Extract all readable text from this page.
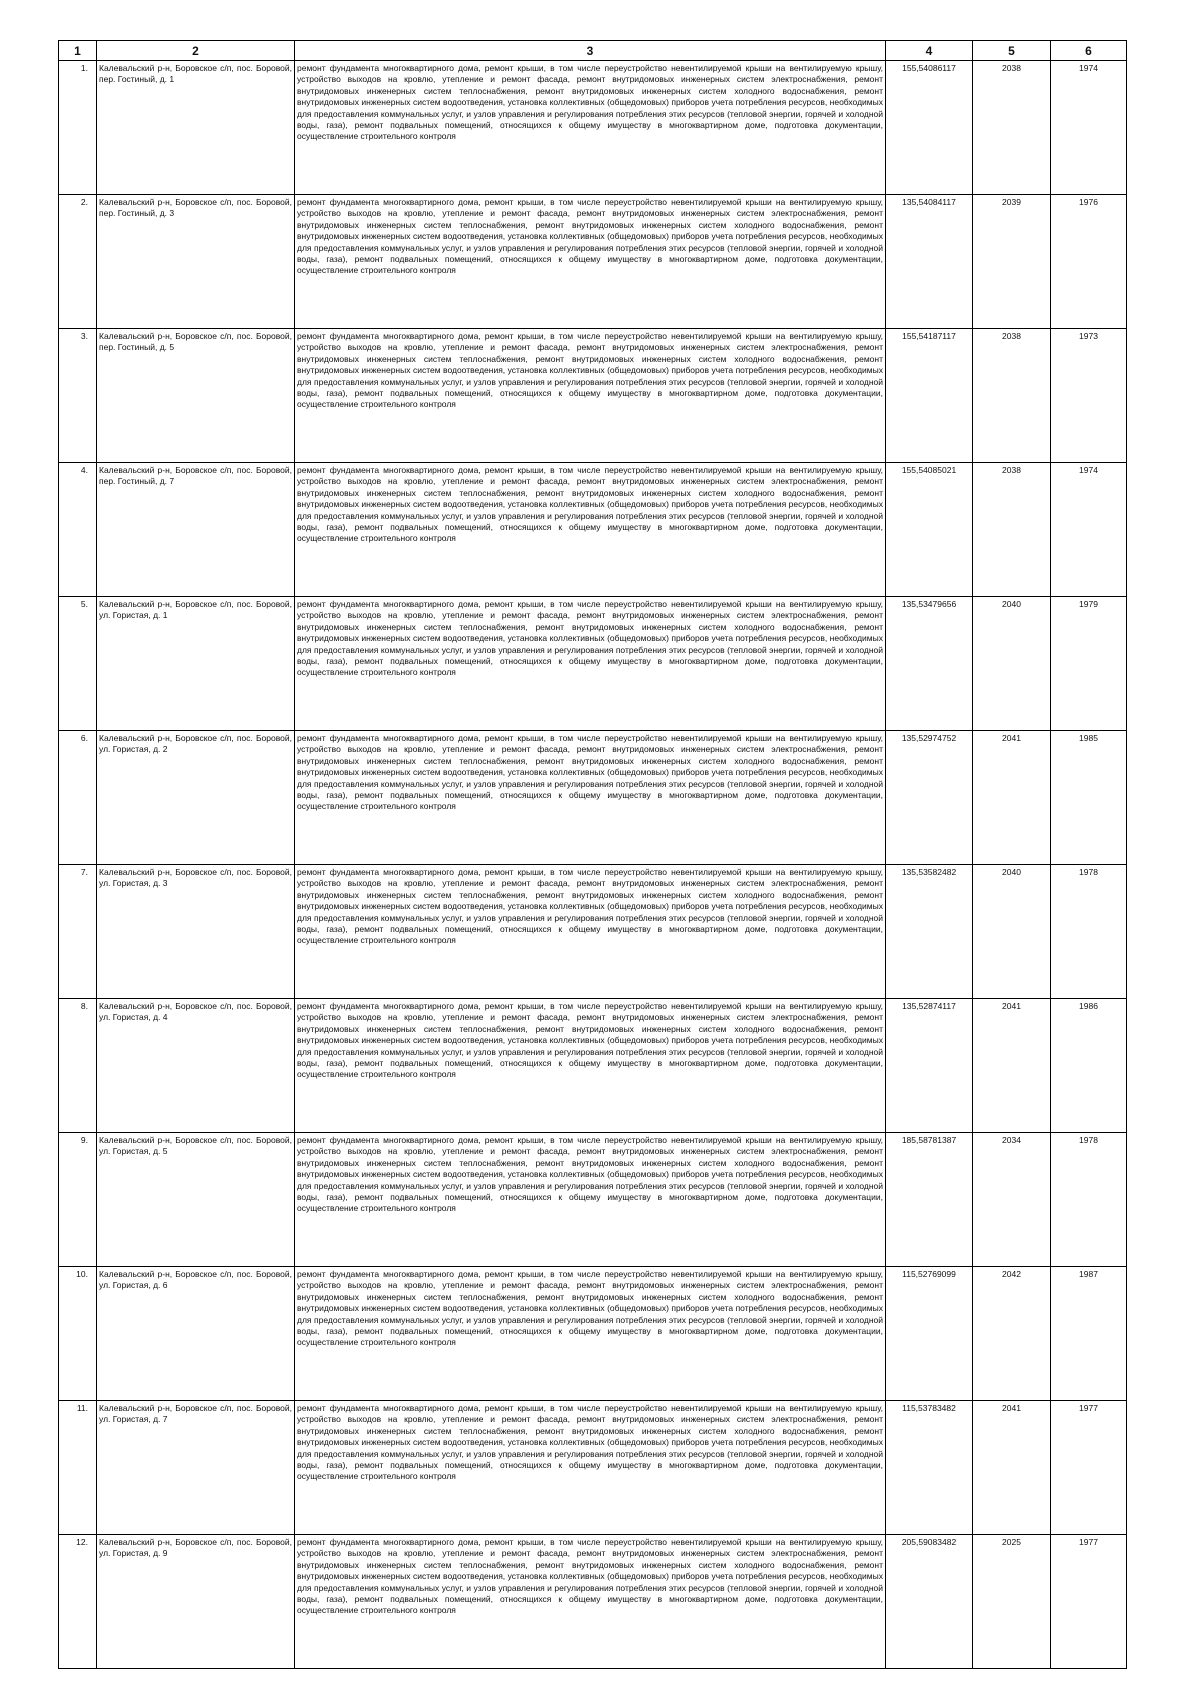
1	2	3	4	5	6
1.	Калевальский р-н, Боровское с/п, пос. Боровой, пер. Гостиный, д. 1	ремонт фундамента многоквартирного дома, ремонт крыши, в том числе переустройство невентилируемой крыши на вентилируемую крышу, устройство выходов на кровлю, утепление и ремонт фасада, ремонт внутридомовых инженерных систем электроснабжения, ремонт внутридомовых инженерных систем теплоснабжения, ремонт внутридомовых инженерных систем холодного водоснабжения, ремонт внутридомовых инженерных систем водоотведения, установка коллективных (общедомовых) приборов учета потребления ресурсов, необходимых для предоставления коммунальных услуг, и узлов управления и регулирования потребления этих ресурсов (тепловой энергии, горячей и холодной воды, газа), ремонт подвальных помещений, относящихся к общему имуществу в многоквартирном доме, подготовка документации, осуществление строительного контроля	155,54086117	2038	1974
2.	Калевальский р-н, Боровское с/п, пос. Боровой, пер. Гостиный, д. 3	ремонт фундамента многоквартирного дома, ремонт крыши, в том числе переустройство невентилируемой крыши на вентилируемую крышу, устройство выходов на кровлю, утепление и ремонт фасада, ремонт внутридомовых инженерных систем электроснабжения, ремонт внутридомовых инженерных систем теплоснабжения, ремонт внутридомовых инженерных систем холодного водоснабжения, ремонт внутридомовых инженерных систем водоотведения, установка коллективных (общедомовых) приборов учета потребления ресурсов, необходимых для предоставления коммунальных услуг, и узлов управления и регулирования потребления этих ресурсов (тепловой энергии, горячей и холодной воды, газа), ремонт подвальных помещений, относящихся к общему имуществу в многоквартирном доме, подготовка документации, осуществление строительного контроля	135,54084117	2039	1976
3.	Калевальский р-н, Боровское с/п, пос. Боровой, пер. Гостиный, д. 5	ремонт фундамента многоквартирного дома, ремонт крыши, в том числе переустройство невентилируемой крыши на вентилируемую крышу, устройство выходов на кровлю, утепление и ремонт фасада, ремонт внутридомовых инженерных систем электроснабжения, ремонт внутридомовых инженерных систем теплоснабжения, ремонт внутридомовых инженерных систем холодного водоснабжения, ремонт внутридомовых инженерных систем водоотведения, установка коллективных (общедомовых) приборов учета потребления ресурсов, необходимых для предоставления коммунальных услуг, и узлов управления и регулирования потребления этих ресурсов (тепловой энергии, горячей и холодной воды, газа), ремонт подвальных помещений, относящихся к общему имуществу в многоквартирном доме, подготовка документации, осуществление строительного контроля	155,54187117	2038	1973
4.	Калевальский р-н, Боровское с/п, пос. Боровой, пер. Гостиный, д. 7	ремонт фундамента многоквартирного дома, ремонт крыши, в том числе переустройство невентилируемой крыши на вентилируемую крышу, устройство выходов на кровлю, утепление и ремонт фасада, ремонт внутридомовых инженерных систем электроснабжения, ремонт внутридомовых инженерных систем теплоснабжения, ремонт внутридомовых инженерных систем холодного водоснабжения, ремонт внутридомовых инженерных систем водоотведения, установка коллективных (общедомовых) приборов учета потребления ресурсов, необходимых для предоставления коммунальных услуг, и узлов управления и регулирования потребления этих ресурсов (тепловой энергии, горячей и холодной воды, газа), ремонт подвальных помещений, относящихся к общему имуществу в многоквартирном доме, подготовка документации, осуществление строительного контроля	155,54085021	2038	1974
5.	Калевальский р-н, Боровское с/п, пос. Боровой, ул. Гористая, д. 1	ремонт фундамента многоквартирного дома, ремонт крыши, в том числе переустройство невентилируемой крыши на вентилируемую крышу, устройство выходов на кровлю, утепление и ремонт фасада, ремонт внутридомовых инженерных систем электроснабжения, ремонт внутридомовых инженерных систем теплоснабжения, ремонт внутридомовых инженерных систем холодного водоснабжения, ремонт внутридомовых инженерных систем водоотведения, установка коллективных (общедомовых) приборов учета потребления ресурсов, необходимых для предоставления коммунальных услуг, и узлов управления и регулирования потребления этих ресурсов (тепловой энергии, горячей и холодной воды, газа), ремонт подвальных помещений, относящихся к общему имуществу в многоквартирном доме, подготовка документации, осуществление строительного контроля	135,53479656	2040	1979
6.	Калевальский р-н, Боровское с/п, пос. Боровой, ул. Гористая, д. 2	ремонт фундамента многоквартирного дома, ремонт крыши, в том числе переустройство невентилируемой крыши на вентилируемую крышу, устройство выходов на кровлю, утепление и ремонт фасада, ремонт внутридомовых инженерных систем электроснабжения, ремонт внутридомовых инженерных систем теплоснабжения, ремонт внутридомовых инженерных систем холодного водоснабжения, ремонт внутридомовых инженерных систем водоотведения, установка коллективных (общедомовых) приборов учета потребления ресурсов, необходимых для предоставления коммунальных услуг, и узлов управления и регулирования потребления этих ресурсов (тепловой энергии, горячей и холодной воды, газа), ремонт подвальных помещений, относящихся к общему имуществу в многоквартирном доме, подготовка документации, осуществление строительного контроля	135,52974752	2041	1985
7.	Калевальский р-н, Боровское с/п, пос. Боровой, ул. Гористая, д. 3	ремонт фундамента многоквартирного дома, ремонт крыши, в том числе переустройство невентилируемой крыши на вентилируемую крышу, устройство выходов на кровлю, утепление и ремонт фасада, ремонт внутридомовых инженерных систем электроснабжения, ремонт внутридомовых инженерных систем теплоснабжения, ремонт внутридомовых инженерных систем холодного водоснабжения, ремонт внутридомовых инженерных систем водоотведения, установка коллективных (общедомовых) приборов учета потребления ресурсов, необходимых для предоставления коммунальных услуг, и узлов управления и регулирования потребления этих ресурсов (тепловой энергии, горячей и холодной воды, газа), ремонт подвальных помещений, относящихся к общему имуществу в многоквартирном доме, подготовка документации, осуществление строительного контроля	135,53582482	2040	1978
8.	Калевальский р-н, Боровское с/п, пос. Боровой, ул. Гористая, д. 4	ремонт фундамента многоквартирного дома, ремонт крыши, в том числе переустройство невентилируемой крыши на вентилируемую крышу, устройство выходов на кровлю, утепление и ремонт фасада, ремонт внутридомовых инженерных систем электроснабжения, ремонт внутридомовых инженерных систем теплоснабжения, ремонт внутридомовых инженерных систем холодного водоснабжения, ремонт внутридомовых инженерных систем водоотведения, установка коллективных (общедомовых) приборов учета потребления ресурсов, необходимых для предоставления коммунальных услуг, и узлов управления и регулирования потребления этих ресурсов (тепловой энергии, горячей и холодной воды, газа), ремонт подвальных помещений, относящихся к общему имуществу в многоквартирном доме, подготовка документации, осуществление строительного контроля	135,52874117	2041	1986
9.	Калевальский р-н, Боровское с/п, пос. Боровой, ул. Гористая, д. 5	ремонт фундамента многоквартирного дома, ремонт крыши, в том числе переустройство невентилируемой крыши на вентилируемую крышу, устройство выходов на кровлю, утепление и ремонт фасада, ремонт внутридомовых инженерных систем электроснабжения, ремонт внутридомовых инженерных систем теплоснабжения, ремонт внутридомовых инженерных систем холодного водоснабжения, ремонт внутридомовых инженерных систем водоотведения, установка коллективных (общедомовых) приборов учета потребления ресурсов, необходимых для предоставления коммунальных услуг, и узлов управления и регулирования потребления этих ресурсов (тепловой энергии, горячей и холодной воды, газа), ремонт подвальных помещений, относящихся к общему имуществу в многоквартирном доме, подготовка документации, осуществление строительного контроля	185,58781387	2034	1978
10.	Калевальский р-н, Боровское с/п, пос. Боровой, ул. Гористая, д. 6	ремонт фундамента многоквартирного дома, ремонт крыши, в том числе переустройство невентилируемой крыши на вентилируемую крышу, устройство выходов на кровлю, утепление и ремонт фасада, ремонт внутридомовых инженерных систем электроснабжения, ремонт внутридомовых инженерных систем теплоснабжения, ремонт внутридомовых инженерных систем холодного водоснабжения, ремонт внутридомовых инженерных систем водоотведения, установка коллективных (общедомовых) приборов учета потребления ресурсов, необходимых для предоставления коммунальных услуг, и узлов управления и регулирования потребления этих ресурсов (тепловой энергии, горячей и холодной воды, газа), ремонт подвальных помещений, относящихся к общему имуществу в многоквартирном доме, подготовка документации, осуществление строительного контроля	115,52769099	2042	1987
11.	Калевальский р-н, Боровское с/п, пос. Боровой, ул. Гористая, д. 7	ремонт фундамента многоквартирного дома, ремонт крыши, в том числе переустройство невентилируемой крыши на вентилируемую крышу, устройство выходов на кровлю, утепление и ремонт фасада, ремонт внутридомовых инженерных систем электроснабжения, ремонт внутридомовых инженерных систем теплоснабжения, ремонт внутридомовых инженерных систем холодного водоснабжения, ремонт внутридомовых инженерных систем водоотведения, установка коллективных (общедомовых) приборов учета потребления ресурсов, необходимых для предоставления коммунальных услуг, и узлов управления и регулирования потребления этих ресурсов (тепловой энергии, горячей и холодной воды, газа), ремонт подвальных помещений, относящихся к общему имуществу в многоквартирном доме, подготовка документации, осуществление строительного контроля	115,53783482	2041	1977
12.	Калевальский р-н, Боровское с/п, пос. Боровой, ул. Гористая, д. 9	ремонт фундамента многоквартирного дома, ремонт крыши, в том числе переустройство невентилируемой крыши на вентилируемую крышу, устройство выходов на кровлю, утепление и ремонт фасада, ремонт внутридомовых инженерных систем электроснабжения, ремонт внутридомовых инженерных систем теплоснабжения, ремонт внутридомовых инженерных систем холодного водоснабжения, ремонт внутридомовых инженерных систем водоотведения, установка коллективных (общедомовых) приборов учета потребления ресурсов, необходимых для предоставления коммунальных услуг, и узлов управления и регулирования потребления этих ресурсов (тепловой энергии, горячей и холодной воды, газа), ремонт подвальных помещений, относящихся к общему имуществу в многоквартирном доме, подготовка документации, осуществление строительного контроля	205,59083482	2025	1977
